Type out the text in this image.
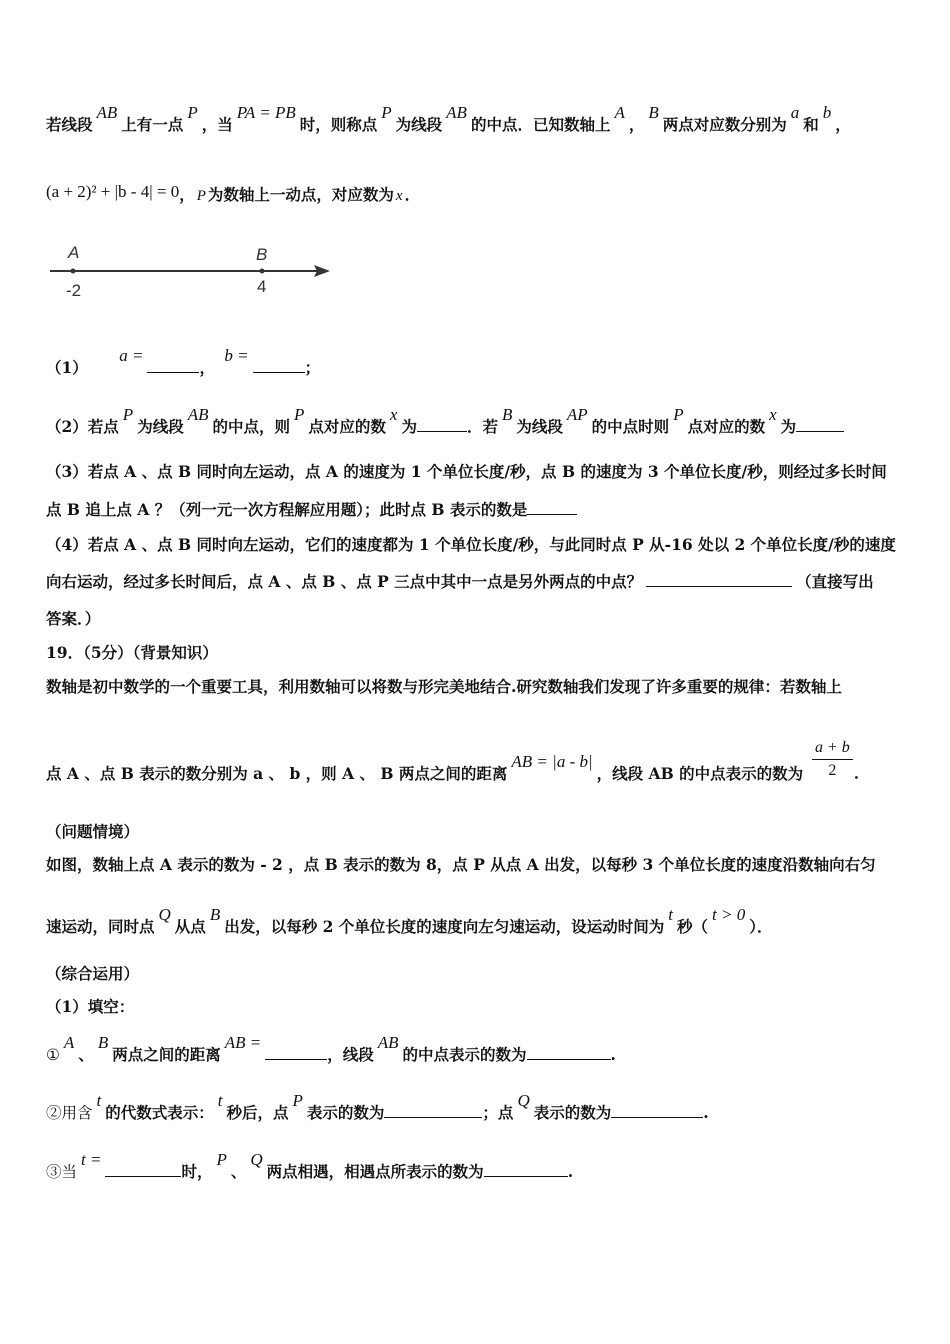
若线段AB上有一点P，当PA = PB时，则称点P为线段AB的中点．已知数轴上A，B两点对应数分别为a和b，
(a + 2)² + |b - 4| = 0， P 为数轴上一动点，对应数为 x ．
A	B
-2	4
（1） a =， b =；
（2）若点P为线段AB的中点，则P点对应的数x为	．若B为线段AP的中点时则P点对应的数x为
（3）若点 A 、点 B 同时向左运动，点 A 的速度为 1 个单位长度/秒，点 B 的速度为 3 个单位长度/秒，则经过多长时间
点 B 追上点 A ？（列一元一次方程解应用题）；此时点 B 表示的数是
（4）若点 A 、点 B 同时向左运动，它们的速度都为 1 个单位长度/秒，与此同时点 P 从-16 处以 2 个单位长度/秒的速度
向右运动，经过多长时间后，点 A 、点 B 、点 P 三点中其中一点是另外两点的中点？	（直接写出
答案．）
19．（5分）（背景知识）
数轴是初中数学的一个重要工具，利用数轴可以将数与形完美地结合.研究数轴我们发现了许多重要的规律：若数轴上
点 A 、点 B 表示的数分别为 a 、 b ，则 A 、 B 两点之间的距离AB = |a - b|，线段 AB 的中点表示的数为 $\frac{a + b}{2}$ ．
（问题情境）
如图，数轴上点 A 表示的数为 - 2 ，点 B 表示的数为 8，点 P 从点 A 出发，以每秒 3 个单位长度的速度沿数轴向右匀
速运动，同时点Q从点B出发，以每秒 2 个单位长度的速度向左匀速运动，设运动时间为t秒（t > 0）．
（综合运用）
（1）填空：
①A、B两点之间的距离AB =，线段AB的中点表示的数为	.
②用含t的代数式表示：t秒后，点P表示的数为	；点Q表示的数为	.
③当t =时，P、Q两点相遇，相遇点所表示的数为	.
